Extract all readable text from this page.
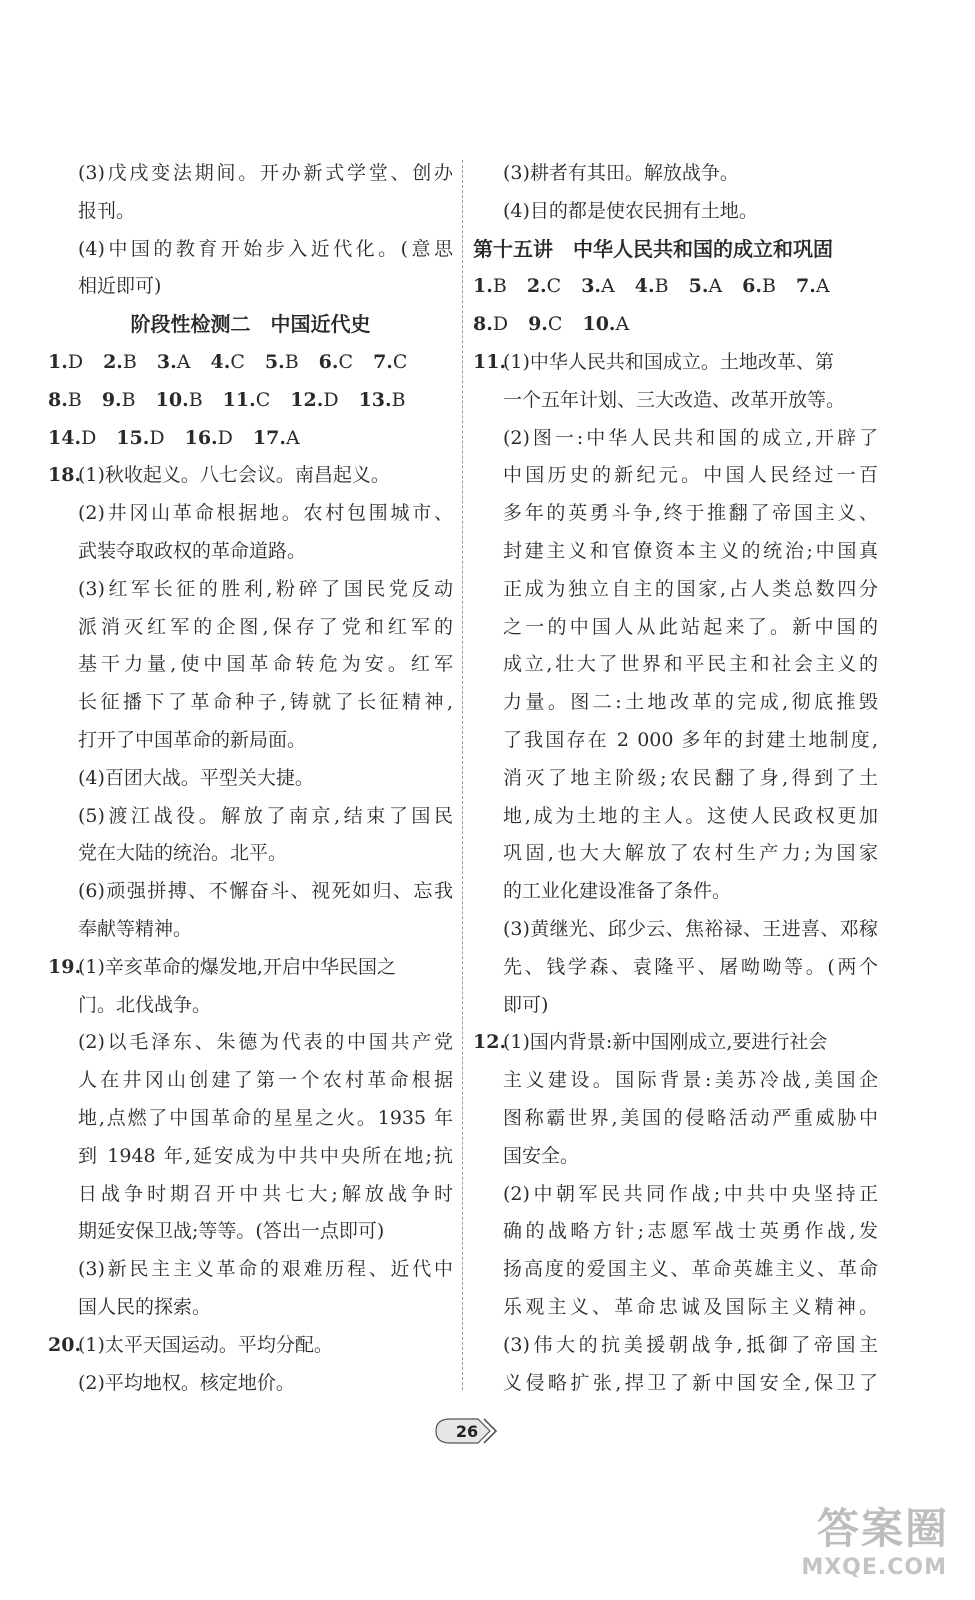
(3)戊戌变法期间。开办新式学堂、创办
报刊。
(4)中国的教育开始步入近代化。(意思
相近即可)
阶段性检测二　中国近代史
1.D 2.B 3.A 4.C 5.B 6.C 7.C
8.B 9.B 10.B 11.C 12.D 13.B
14.D 15.D 16.D 17.A
18.(1)秋收起义。八七会议。南昌起义。
(2)井冈山革命根据地。农村包围城市、
武装夺取政权的革命道路。
(3)红军长征的胜利,粉碎了国民党反动
派消灭红军的企图,保存了党和红军的
基干力量,使中国革命转危为安。红军
长征播下了革命种子,铸就了长征精神,
打开了中国革命的新局面。
(4)百团大战。平型关大捷。
(5)渡江战役。解放了南京,结束了国民
党在大陆的统治。北平。
(6)顽强拼搏、不懈奋斗、视死如归、忘我
奉献等精神。
19.(1)辛亥革命的爆发地,开启中华民国之
门。北伐战争。
(2)以毛泽东、朱德为代表的中国共产党
人在井冈山创建了第一个农村革命根据
地,点燃了中国革命的星星之火。1935 年
到 1948 年,延安成为中共中央所在地;抗
日战争时期召开中共七大;解放战争时
期延安保卫战;等等。(答出一点即可)
(3)新民主主义革命的艰难历程、近代中
国人民的探索。
20.(1)太平天国运动。平均分配。
(2)平均地权。核定地价。
(3)耕者有其田。解放战争。
(4)目的都是使农民拥有土地。
第十五讲　中华人民共和国的成立和巩固
1.B 2.C 3.A 4.B 5.A 6.B 7.A
8.D 9.C 10.A
11.(1)中华人民共和国成立。土地改革、第
一个五年计划、三大改造、改革开放等。
(2)图一:中华人民共和国的成立,开辟了
中国历史的新纪元。中国人民经过一百
多年的英勇斗争,终于推翻了帝国主义、
封建主义和官僚资本主义的统治;中国真
正成为独立自主的国家,占人类总数四分
之一的中国人从此站起来了。新中国的
成立,壮大了世界和平民主和社会主义的
力量。图二:土地改革的完成,彻底推毁
了我国存在 2 000 多年的封建土地制度,
消灭了地主阶级;农民翻了身,得到了土
地,成为土地的主人。这使人民政权更加
巩固,也大大解放了农村生产力;为国家
的工业化建设准备了条件。
(3)黄继光、邱少云、焦裕禄、王进喜、邓稼
先、钱学森、袁隆平、屠呦呦等。(两个
即可)
12.(1)国内背景:新中国刚成立,要进行社会
主义建设。国际背景:美苏冷战,美国企
图称霸世界,美国的侵略活动严重威胁中
国安全。
(2)中朝军民共同作战;中共中央坚持正
确的战略方针;志愿军战士英勇作战,发
扬高度的爱国主义、革命英雄主义、革命
乐观主义、革命忠诚及国际主义精神。
(3)伟大的抗美援朝战争,抵御了帝国主
义侵略扩张,捍卫了新中国安全,保卫了
26
答案圈
MXQE.COM
